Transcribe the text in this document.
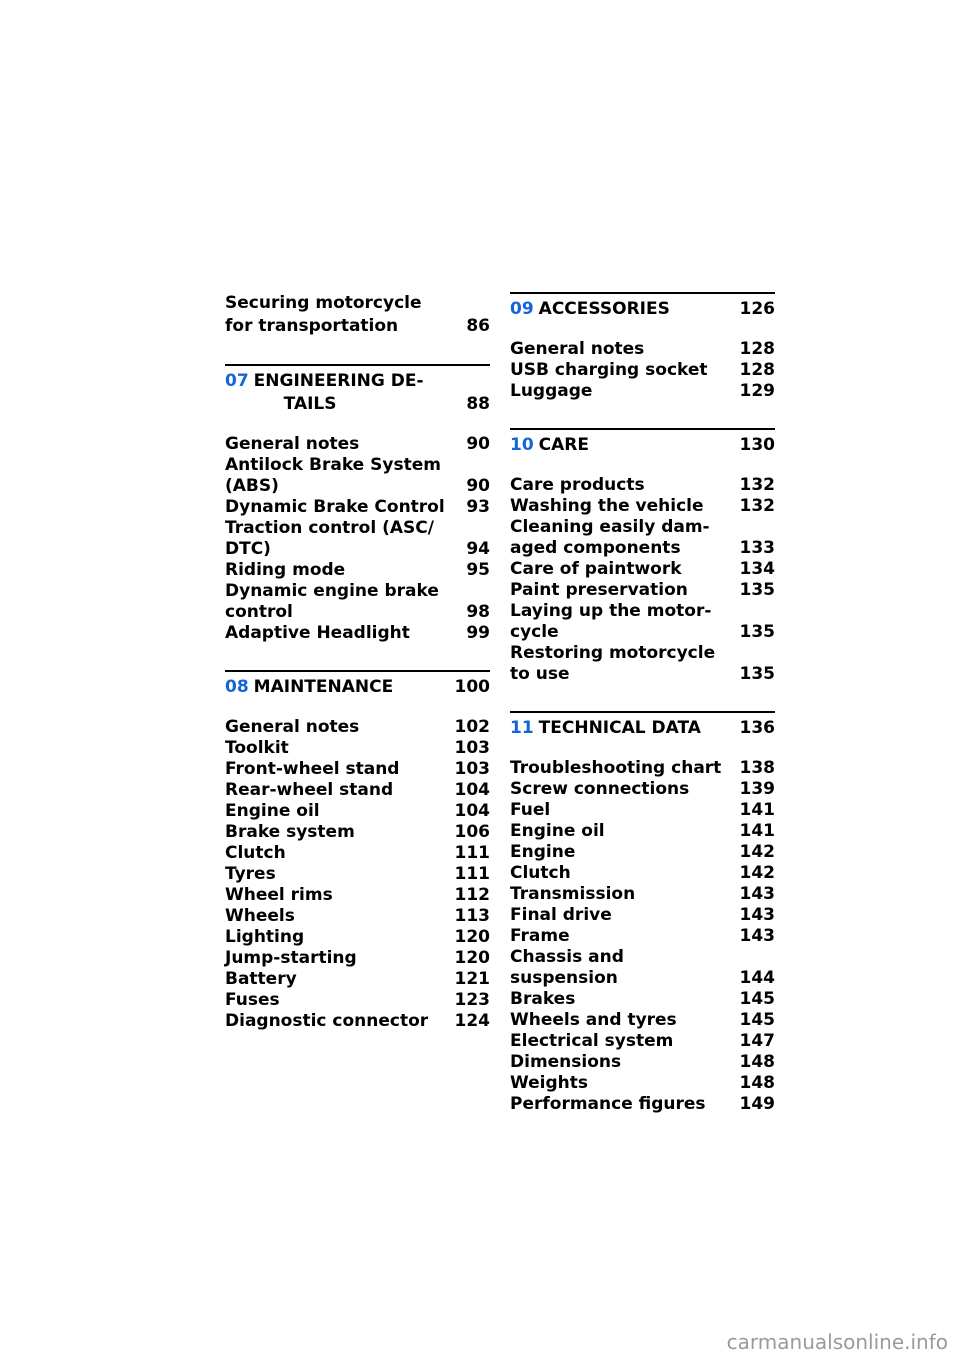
Securing motorcycle
for transportation	86
07 ENGINEERING DE-
TAILS	88
General notes	90
Antilock Brake System
(ABS)	90
Dynamic Brake Control	93
Traction control (ASC/
DTC)	94
Riding mode	95
Dynamic engine brake
control	98
Adaptive Headlight	99
08 MAINTENANCE	100
General notes	102
Toolkit	103
Front-wheel stand	103
Rear-wheel stand	104
Engine oil	104
Brake system	106
Clutch	111
Tyres	111
Wheel rims	112
Wheels	113
Lighting	120
Jump-starting	120
Battery	121
Fuses	123
Diagnostic connector	124
09 ACCESSORIES	126
General notes	128
USB charging socket	128
Luggage	129
10 CARE	130
Care products	132
Washing the vehicle	132
Cleaning easily dam-
aged components	133
Care of paintwork	134
Paint preservation	135
Laying up the motor-
cycle	135
Restoring motorcycle
to use	135
11 TECHNICAL DATA	136
Troubleshooting chart	138
Screw connections	139
Fuel	141
Engine oil	141
Engine	142
Clutch	142
Transmission	143
Final drive	143
Frame	143
Chassis and
suspension	144
Brakes	145
Wheels and tyres	145
Electrical system	147
Dimensions	148
Weights	148
Performance figures	149
carmanualsonline.info
